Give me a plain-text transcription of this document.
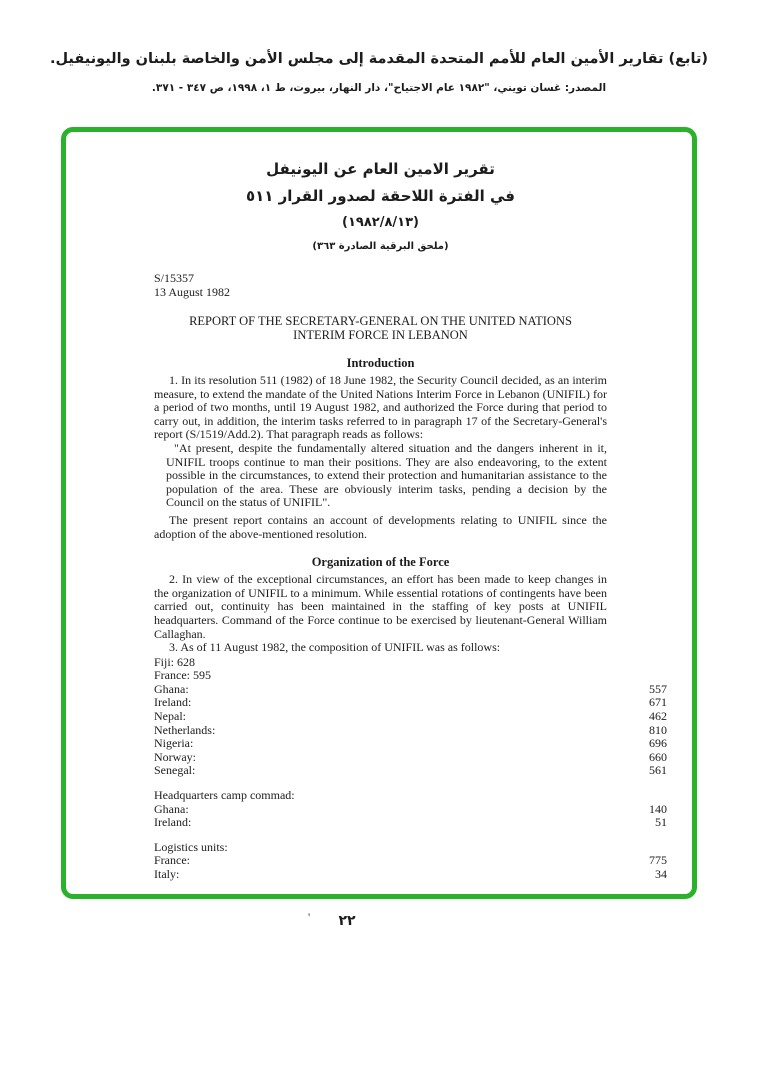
(تابع) تقارير الأمين العام للأمم المتحدة المقدمة إلى مجلس الأمن والخاصة بلبنان واليونيفيل.
المصدر: غسان تويني، "١٩٨٢ عام الاجتياح"، دار النهار، بيروت، ط ١، ١٩٩٨، ص ٣٤٧ - ٣٧١.
تقرير الامين العام عن اليونيفل
في الفترة اللاحقة لصدور القرار ٥١١
(١٩٨٢/٨/١٣)
(ملحق البرقية الصادرة ٣٦٣)
S/15357
13 August 1982
REPORT OF THE SECRETARY-GENERAL ON THE UNITED NATIONS
INTERIM FORCE IN LEBANON
Introduction
1. In its resolution 511 (1982) of 18 June 1982, the Security Council decided, as an interim measure, to extend the mandate of the United Nations Interim Force in Lebanon (UNIFIL) for a period of two months, until 19 August 1982, and authorized the Force during that period to carry out, in addition, the interim tasks referred to in paragraph 17 of the Secretary-General's report (S/1519/Add.2). That paragraph reads as follows:
"At present, despite the fundamentally altered situation and the dangers inherent in it, UNIFIL troops continue to man their positions. They are also endeavoring, to the extent possible in the circumstances, to extend their protection and humanitarian assistance to the population of the area. These are obviously interim tasks, pending a decision by the Council on the status of UNIFIL".
The present report contains an account of developments relating to UNIFIL since the adoption of the above-mentioned resolution.
Organization of the Force
2. In view of the exceptional circumstances, an effort has been made to keep changes in the organization of UNIFIL to a minimum. While essential rotations of contingents have been carried out, continuity has been maintained in the staffing of key posts at UNIFIL headquarters. Command of the Force continue to be exercised by lieutenant-General William Callaghan.
3. As of 11 August 1982, the composition of UNIFIL was as follows:
Fiji: 628
France: 595
Ghana:	557
Ireland:	671
Nepal:	462
Netherlands:	810
Nigeria:	696
Norway:	660
Senegal:	561
Headquarters camp commad:
Ghana:	140
Ireland:	51
Logistics units:
France:	775
Italy:	34
' ٢٢
